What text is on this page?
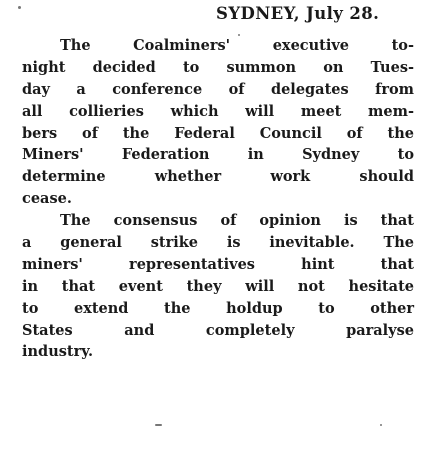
SYDNEY, July 28.

The Coalminers' executive to-
night decided to summon on Tues-
day a conference of delegates from
all collieries which will meet mem-
bers of the Federal Council of the
Miners' Federation in Sydney to
determine whether work should
cease.
The consensus of opinion is that
a general strike is inevitable. The
miners' representatives hint that
in that event they will not hesitate
to extend the holdup to other
States and completely paralyse
industry.
